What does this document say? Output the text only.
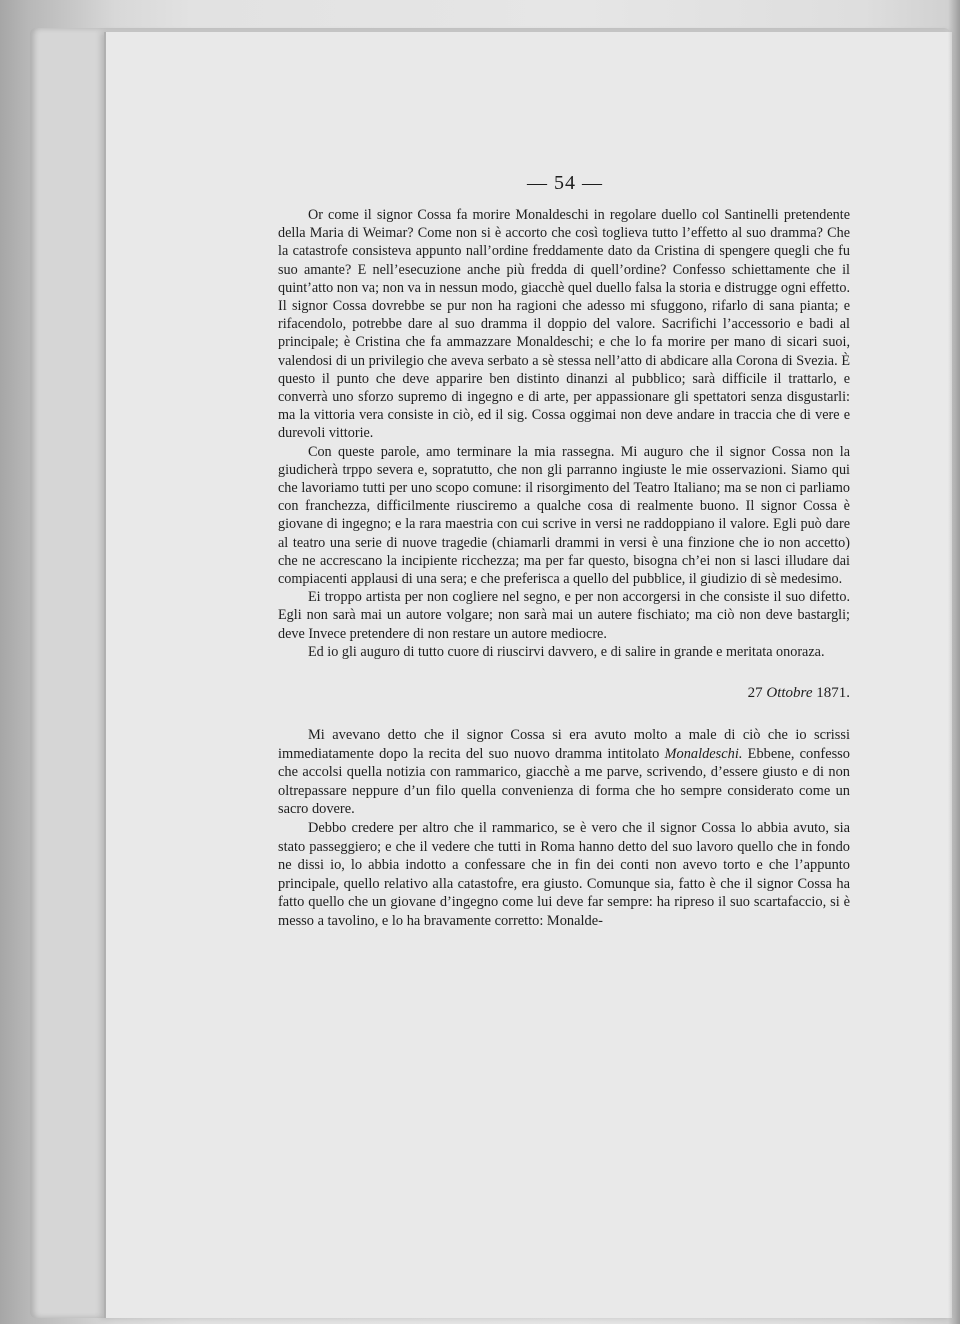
— 54 —

Or come il signor Cossa fa morire Monaldeschi in regolare duello col Santinelli pretendente della Maria di Weimar? Come non si è accorto che così toglieva tutto l’effetto al suo dramma? Che la catastrofe consisteva appunto nall’ordine freddamente dato da Cristina di spengere quegli che fu suo amante? E nell’esecuzione anche più fredda di quell’ordine? Confesso schiettamente che il quint’atto non va; non va in nessun modo, giacchè quel duello falsa la storia e distrugge ogni effetto. Il signor Cossa dovrebbe se pur non ha ragioni che adesso mi sfuggono, rifarlo di sana pianta; e rifacendolo, potrebbe dare al suo dramma il doppio del valore. Sacrifichi l’accessorio e badi al principale; è Cristina che fa ammazzare Monaldeschi; e che lo fa morire per mano di sicari suoi, valendosi di un privilegio che aveva serbato a sè stessa nell’atto di abdicare alla Corona di Svezia. È questo il punto che deve apparire ben distinto dinanzi al pubblico; sarà difficile il trattarlo, e converrà uno sforzo supremo di ingegno e di arte, per appassionare gli spettatori senza disgustarli: ma la vittoria vera consiste in ciò, ed il sig. Cossa oggimai non deve andare in traccia che di vere e durevoli vittorie.

Con queste parole, amo terminare la mia rassegna. Mi auguro che il signor Cossa non la giudicherà trppo severa e, sopratutto, che non gli parranno ingiuste le mie osservazioni. Siamo qui che lavoriamo tutti per uno scopo comune: il risorgimento del Teatro Italiano; ma se non ci parliamo con franchezza, difficilmente riusciremo a qualche cosa di realmente buono. Il signor Cossa è giovane di ingegno; e la rara maestria con cui scrive in versi ne raddoppiano il valore. Egli può dare al teatro una serie di nuove tragedie (chiamarli drammi in versi è una finzione che io non accetto) che ne accrescano la incipiente ricchezza; ma per far questo, bisogna ch’ei non si lasci illudare dai compiacenti applausi di una sera; e che preferisca a quello del pubblice, il giudizio di sè medesimo.

Ei troppo artista per non cogliere nel segno, e per non accorgersi in che consiste il suo difetto. Egli non sarà mai un autore volgare; non sarà mai un autere fischiato; ma ciò non deve bastargli; deve Invece pretendere di non restare un autore mediocre.

Ed io gli auguro di tutto cuore di riuscirvi davvero, e di salire in grande e meritata onoraza.

27 Ottobre 1871.

Mi avevano detto che il signor Cossa si era avuto molto a male di ciò che io scrissi immediatamente dopo la recita del suo nuovo dramma intitolato Monaldeschi. Ebbene, confesso che accolsi quella notizia con rammarico, giacchè a me parve, scrivendo, d’essere giusto e di non oltrepassare neppure d’un filo quella convenienza di forma che ho sempre considerato come un sacro dovere.

Debbo credere per altro che il rammarico, se è vero che il signor Cossa lo abbia avuto, sia stato passeggiero; e che il vedere che tutti in Roma hanno detto del suo lavoro quello che in fondo ne dissi io, lo abbia indotto a confessare che in fin dei conti non avevo torto e che l’appunto principale, quello relativo alla catastofre, era giusto. Comunque sia, fatto è che il signor Cossa ha fatto quello che un giovane d’ingegno come lui deve far sempre: ha ripreso il suo scartafaccio, si è messo a tavolino, e lo ha bravamente corretto: Monalde-
